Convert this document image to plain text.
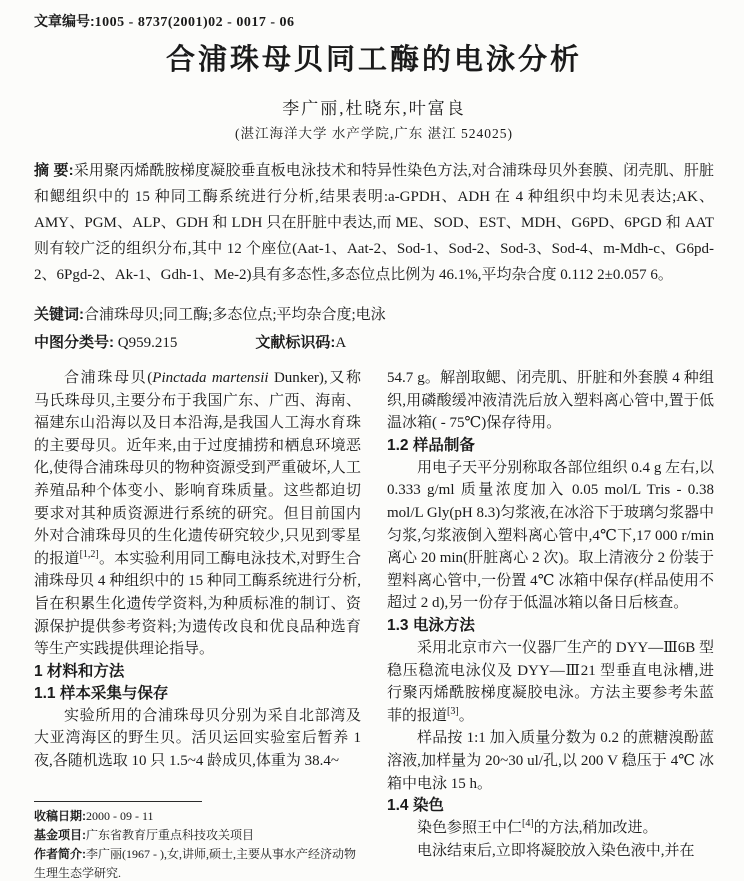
文章编号:1005 - 8737(2001)02 - 0017 - 06
合浦珠母贝同工酶的电泳分析
李广丽,杜晓东,叶富良
(湛江海洋大学 水产学院,广东 湛江 524025)

摘 要:采用聚丙烯酰胺梯度凝胶垂直板电泳技术和特异性染色方法,对合浦珠母贝外套膜、闭壳肌、肝脏和鳃组织中的 15 种同工酶系统进行分析,结果表明:a-GPDH、ADH 在 4 种组织中均未见表达;AK、AMY、PGM、ALP、GDH 和 LDH 只在肝脏中表达,而 ME、SOD、EST、MDH、G6PD、6PGD 和 AAT 则有较广泛的组织分布,其中 12 个座位(Aat-1、Aat-2、Sod-1、Sod-2、Sod-3、Sod-4、m-Mdh-c、G6pd-2、6Pgd-2、Ak-1、Gdh-1、Me-2)具有多态性,多态位点比例为 46.1%,平均杂合度 0.112 2±0.057 6。

关键词:合浦珠母贝;同工酶;多态位点;平均杂合度;电泳
中图分类号: Q959.215	文献标识码:A

合浦珠母贝(Pinctada martensii Dunker),又称马氏珠母贝,主要分布于我国广东、广西、海南、福建东山沿海以及日本沿海,是我国人工海水育珠的主要母贝。近年来,由于过度捕捞和栖息环境恶化,使得合浦珠母贝的物种资源受到严重破坏,人工养殖品种个体变小、影响育珠质量。这些都迫切要求对其种质资源进行系统的研究。但目前国内外对合浦珠母贝的生化遗传研究较少,只见到零星的报道[1,2]。本实验利用同工酶电泳技术,对野生合浦珠母贝 4 种组织中的 15 种同工酶系统进行分析,旨在积累生化遗传学资料,为种质标准的制订、资源保护提供参考资料;为遗传改良和优良品种选育等生产实践提供理论指导。

1 材料和方法

1.1 样本采集与保存

实验所用的合浦珠母贝分别为采自北部湾及大亚湾海区的野生贝。活贝运回实验室后暂养 1 夜,各随机选取 10 只 1.5~4 龄成贝,体重为 38.4~

收稿日期:2000 - 09 - 11
基金项目:广东省教育厅重点科技攻关项目
作者简介:李广丽(1967 - ),女,讲师,硕士,主要从事水产经济动物生理生态学研究.

54.7 g。解剖取鳃、闭壳肌、肝脏和外套膜 4 种组织,用磷酸缓冲液清洗后放入塑料离心管中,置于低温冰箱( - 75℃)保存待用。

1.2 样品制备

用电子天平分别称取各部位组织 0.4 g 左右,以 0.333 g/ml 质量浓度加入 0.05 mol/L Tris - 0.38 mol/L Gly(pH 8.3)匀浆液,在冰浴下于玻璃匀浆器中匀浆,匀浆液倒入塑料离心管中,4℃下,17 000 r/min 离心 20 min(肝脏离心 2 次)。取上清液分 2 份装于塑料离心管中,一份置 4℃ 冰箱中保存(样品使用不超过 2 d),另一份存于低温冰箱以备日后核查。

1.3 电泳方法

采用北京市六一仪器厂生产的 DYY—Ⅲ6B 型稳压稳流电泳仪及 DYY—Ⅲ21 型垂直电泳槽,进行聚丙烯酰胺梯度凝胶电泳。方法主要参考朱蓝菲的报道[3]。

样品按 1:1 加入质量分数为 0.2 的蔗糖溴酚蓝溶液,加样量为 20~30 ul/孔,以 200 V 稳压于 4℃ 冰箱中电泳 15 h。

1.4 染色

染色参照王中仁[4]的方法,稍加改进。

电泳结束后,立即将凝胶放入染色液中,并在
